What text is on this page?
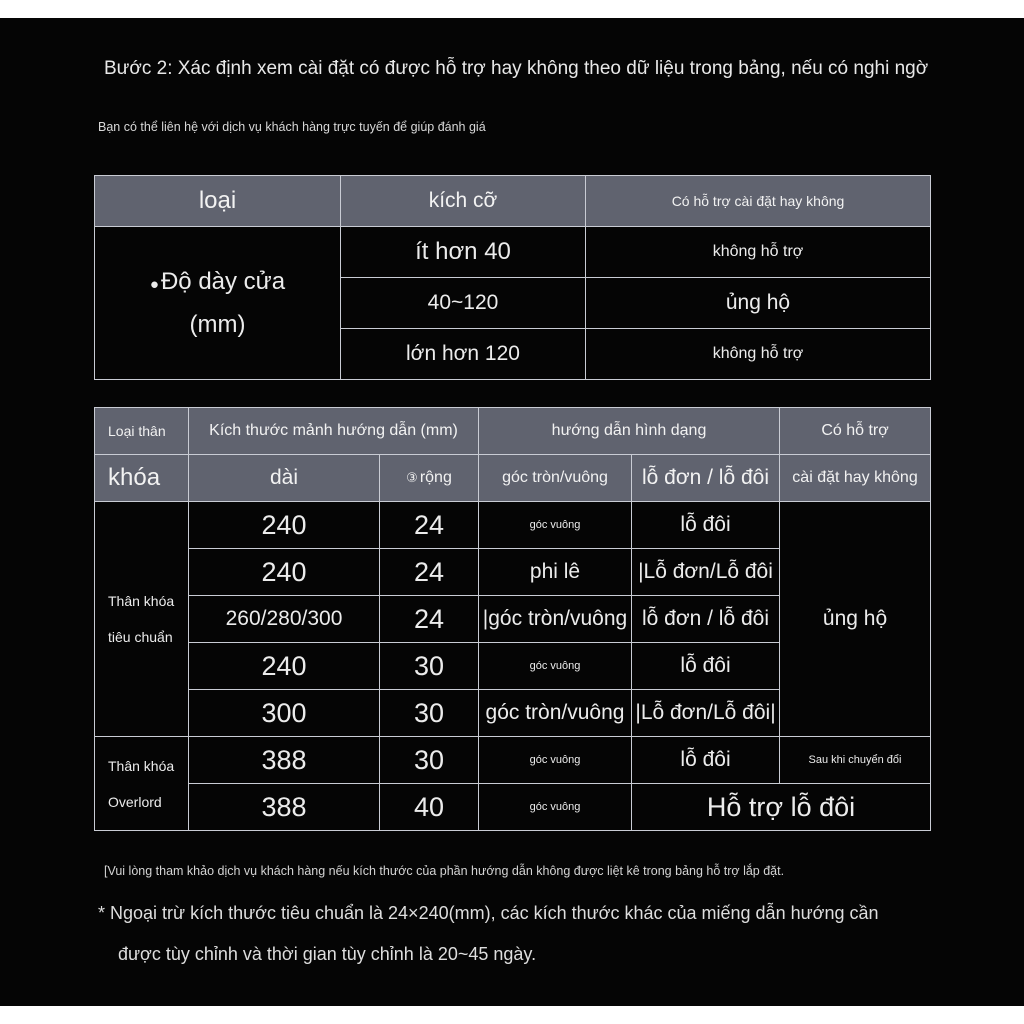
Bước 2: Xác định xem cài đặt có được hỗ trợ hay không theo dữ liệu trong bảng, nếu có nghi ngờ
Bạn có thể liên hệ với dịch vụ khách hàng trực tuyến để giúp đánh giá
loại	kích cỡ	Có hỗ trợ cài đặt hay không

● Độ dày cửa
(mm)	ít hơn 40	không hỗ trợ
	40~120	ủng hộ
	lớn hơn 120	không hỗ trợ
Loại thân	Kích thước mảnh hướng dẫn (mm)		hướng dẫn hình dạng		Có hỗ trợ
khóa	dài	③ rộng	góc tròn/vuông	lỗ đơn / lỗ đôi	cài đặt hay không

Thân khóa
tiêu chuẩn	240	24	góc vuông	lỗ đôi	ủng hộ
	240	24	phi lê	|Lỗ đơn/Lỗ đôi	
	260/280/300	24	|góc tròn/vuông	lỗ đơn / lỗ đôi	
	240	30	góc vuông	lỗ đôi	
	300	30	góc tròn/vuông	|Lỗ đơn/Lỗ đôi|	

Thân khóa
Overlord	388	30	góc vuông	lỗ đôi	Sau khi chuyển đổi
	388	40	góc vuông	Hỗ trợ lỗ đôi	
[Vui lòng tham khảo dịch vụ khách hàng nếu kích thước của phần hướng dẫn không được liệt kê trong bảng hỗ trợ lắp đặt.
* Ngoại trừ kích thước tiêu chuẩn là 24×240(mm), các kích thước khác của miếng dẫn hướng cần
được tùy chỉnh và thời gian tùy chỉnh là 20~45 ngày.
